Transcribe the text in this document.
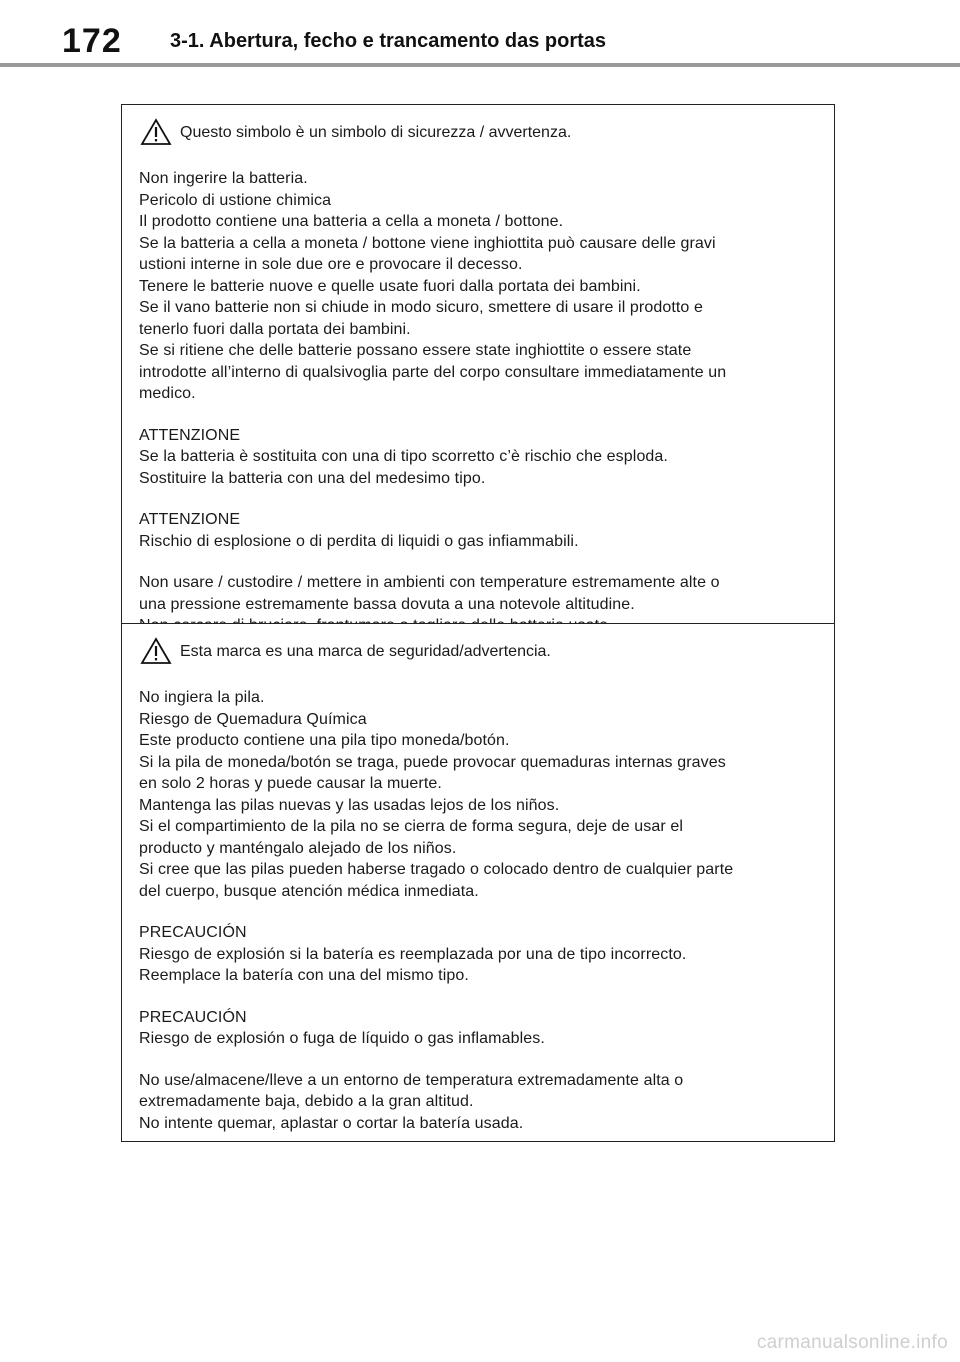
172 3-1. Abertura, fecho e trancamento das portas
Questo simbolo è un simbolo di sicurezza / avvertenza.
Non ingerire la batteria.
Pericolo di ustione chimica
Il prodotto contiene una batteria a cella a moneta / bottone.
Se la batteria a cella a moneta / bottone viene inghiottita può causare delle gravi
ustioni interne in sole due ore e provocare il decesso.
Tenere le batterie nuove e quelle usate fuori dalla portata dei bambini.
Se il vano batterie non si chiude in modo sicuro, smettere di usare il prodotto e
tenerlo fuori dalla portata dei bambini.
Se si ritiene che delle batterie possano essere state inghiottite o essere state
introdotte all’interno di qualsivoglia parte del corpo consultare immediatamente un
medico.
ATTENZIONE
Se la batteria è sostituita con una di tipo scorretto c’è rischio che esploda.
Sostituire la batteria con una del medesimo tipo.
ATTENZIONE
Rischio di esplosione o di perdita di liquidi o gas infiammabili.
Non usare / custodire / mettere in ambienti con temperature estremamente alte o
una pressione estremamente bassa dovuta a una notevole altitudine.
Esta marca es una marca de seguridad/advertencia.
No ingiera la pila.
Riesgo de Quemadura Química
Este producto contiene una pila tipo moneda/botón.
Si la pila de moneda/botón se traga, puede provocar quemaduras internas graves
en solo 2 horas y puede causar la muerte.
Mantenga las pilas nuevas y las usadas lejos de los niños.
Si el compartimiento de la pila no se cierra de forma segura, deje de usar el
producto y manténgalo alejado de los niños.
Si cree que las pilas pueden haberse tragado o colocado dentro de cualquier parte
del cuerpo, busque atención médica inmediata.
PRECAUCIÓN
Riesgo de explosión si la batería es reemplazada por una de tipo incorrecto.
Reemplace la batería con una del mismo tipo.
PRECAUCIÓN
Riesgo de explosión o fuga de líquido o gas inflamables.
No use/almacene/lleve a un entorno de temperatura extremadamente alta o
extremadamente baja, debido a la gran altitud.
No intente quemar, aplastar o cortar la batería usada.
carmanualsonline.info
